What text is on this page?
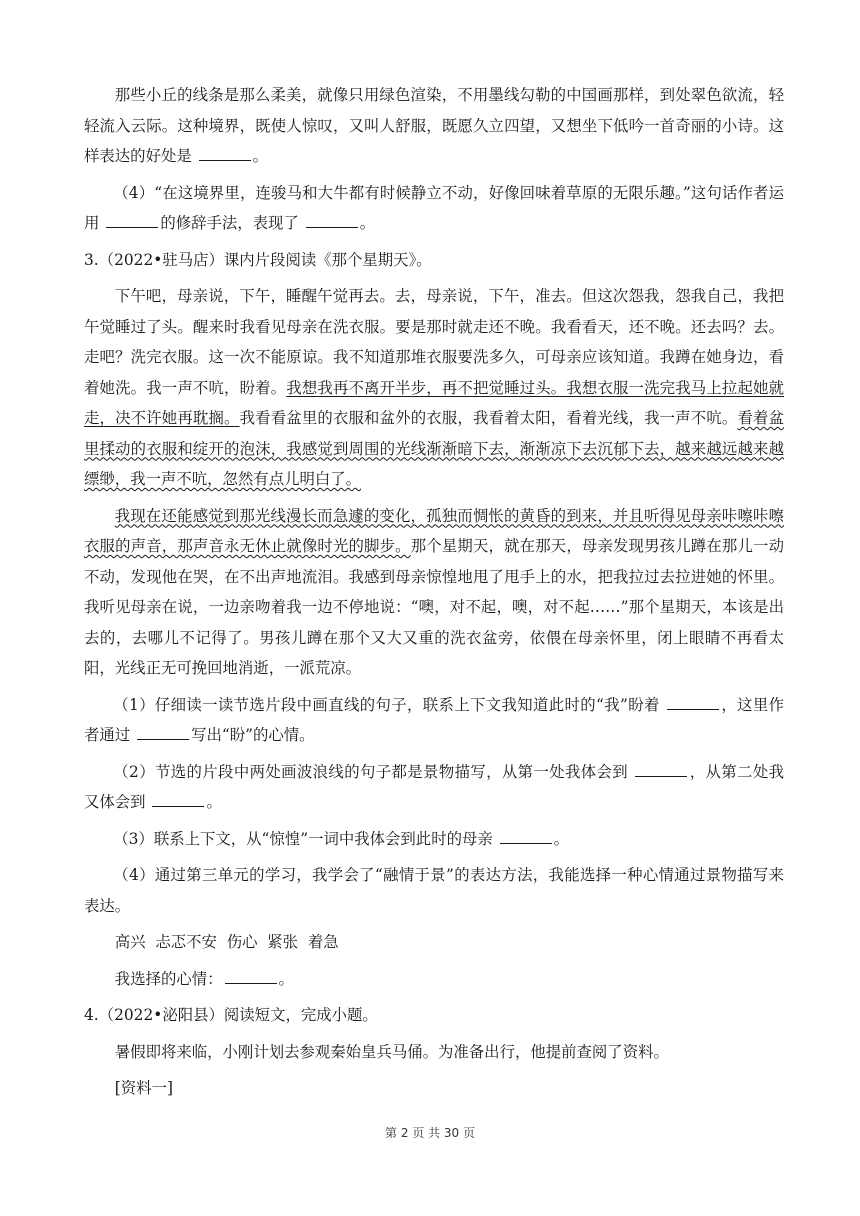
那些小丘的线条是那么柔美，就像只用绿色渲染，不用墨线勾勒的中国画那样，到处翠色欲流，轻轻流入云际。这种境界，既使人惊叹，又叫人舒服，既愿久立四望，又想坐下低吟一首奇丽的小诗。这样表达的好处是	。

（4）“在这境界里，连骏马和大牛都有时候静立不动，好像回味着草原的无限乐趣。”这句话作者运用	的修辞手法，表现了	。

3.（2022•驻马店）课内片段阅读《那个星期天》。

下午吧，母亲说，下午，睡醒午觉再去。去，母亲说，下午，准去。但这次怨我，怨我自己，我把午觉睡过了头。醒来时我看见母亲在洗衣服。要是那时就走还不晚。我看看天，还不晚。还去吗？去。走吧？洗完衣服。这一次不能原谅。我不知道那堆衣服要洗多久，可母亲应该知道。我蹲在她身边，看着她洗。我一声不吭，盼着。我想我再不离开半步，再不把觉睡过头。我想衣服一洗完我马上拉起她就走，决不许她再耽搁。我看看盆里的衣服和盆外的衣服，我看着太阳，看着光线，我一声不吭。看着盆里揉动的衣服和绽开的泡沫，我感觉到周围的光线渐渐暗下去，渐渐凉下去沉郁下去，越来越远越来越缥缈，我一声不吭，忽然有点儿明白了。

我现在还能感觉到那光线漫长而急遽的变化，孤独而惆怅的黄昏的到来，并且听得见母亲咔嚓咔嚓衣服的声音，那声音永无休止就像时光的脚步。那个星期天，就在那天，母亲发现男孩儿蹲在那儿一动不动，发现他在哭，在不出声地流泪。我感到母亲惊惶地甩了甩手上的水，把我拉过去拉进她的怀里。我听见母亲在说，一边亲吻着我一边不停地说：“噢，对不起，噢，对不起……”那个星期天，本该是出去的，去哪儿不记得了。男孩儿蹲在那个又大又重的洗衣盆旁，依偎在母亲怀里，闭上眼睛不再看太阳，光线正无可挽回地消逝，一派荒凉。

（1）仔细读一读节选片段中画直线的句子，联系上下文我知道此时的“我”盼着	，这里作者通过	写出“盼”的心情。

（2）节选的片段中两处画波浪线的句子都是景物描写，从第一处我体会到	，从第二处我又体会到	。

（3）联系上下文，从“惊惶”一词中我体会到此时的母亲	。

（4）通过第三单元的学习，我学会了“融情于景”的表达方法，我能选择一种心情通过景物描写来表达。

高兴  忐忑不安  伤心  紧张  着急

我选择的心情：	。

4.（2022•泌阳县）阅读短文，完成小题。

暑假即将来临，小刚计划去参观秦始皇兵马俑。为准备出行，他提前查阅了资料。

[资料一]

第 2 页 共 30 页
